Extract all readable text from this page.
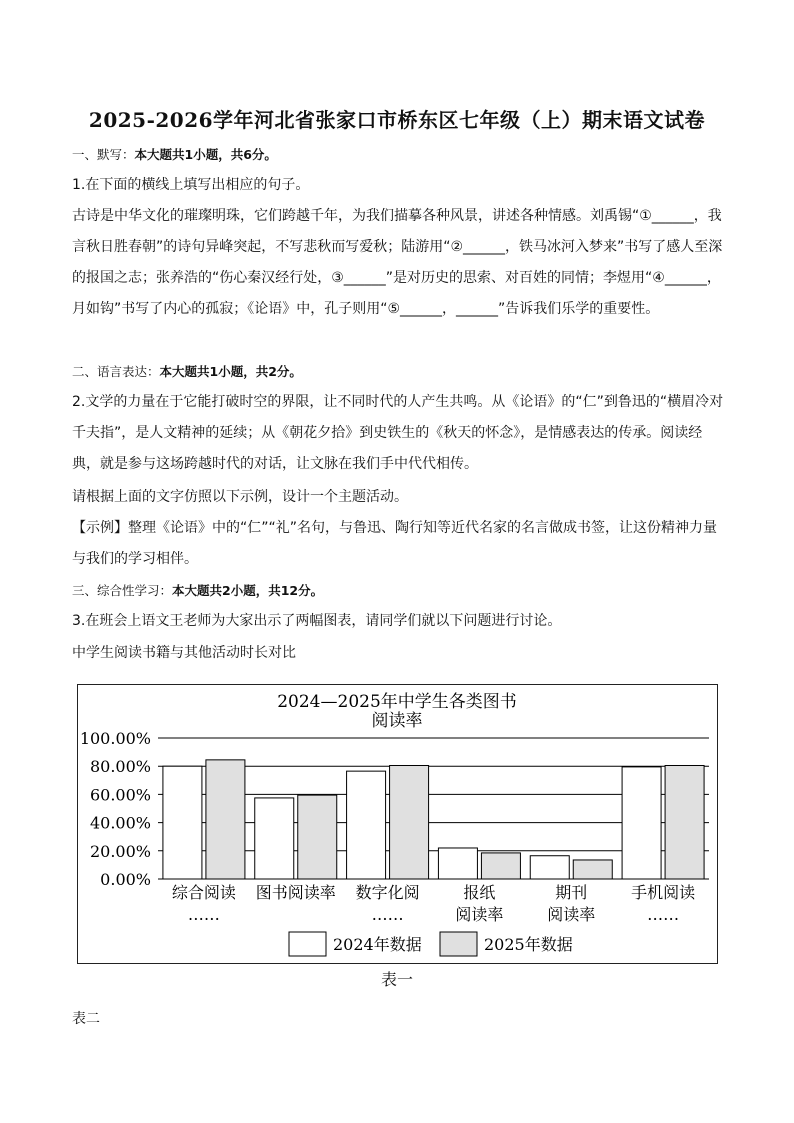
2025-2026学年河北省张家口市桥东区七年级（上）期末语文试卷

一、默写：本大题共1小题，共6分。

1.在下面的横线上填写出相应的句子。

古诗是中华文化的璀璨明珠，它们跨越千年，为我们描摹各种风景，讲述各种情感。刘禹锡“①______，我言秋日胜春朝”的诗句异峰突起，不写悲秋而写爱秋；陆游用“②______，铁马冰河入梦来”书写了感人至深的报国之志；张养浩的“伤心秦汉经行处，③______”是对历史的思索、对百姓的同情；李煜用“④______，月如钩”书写了内心的孤寂；《论语》中，孔子则用“⑤______，______”告诉我们乐学的重要性。

二、语言表达：本大题共1小题，共2分。

2.文学的力量在于它能打破时空的界限，让不同时代的人产生共鸣。从《论语》的“仁”到鲁迅的“横眉冷对千夫指”，是人文精神的延续；从《朝花夕拾》到史铁生的《秋天的怀念》，是情感表达的传承。阅读经典，就是参与这场跨越时代的对话，让文脉在我们手中代代相传。

请根据上面的文字仿照以下示例，设计一个主题活动。

【示例】整理《论语》中的“仁”“礼”名句，与鲁迅、陶行知等近代名家的名言做成书签，让这份精神力量与我们的学习相伴。

三、综合性学习：本大题共2小题，共12分。

3.在班会上语文王老师为大家出示了两幅图表，请同学们就以下问题进行讨论。

中学生阅读书籍与其他活动时长对比

2024—2025年中学生各类图书
阅读率
0.00%
20.00%
40.00%
60.00%
80.00%
100.00%
综合阅读
……
图书阅读率 数字化阅
……
报纸
阅读率
期刊
阅读率
手机阅读
……
2024年数据	2025年数据
表一
表二
